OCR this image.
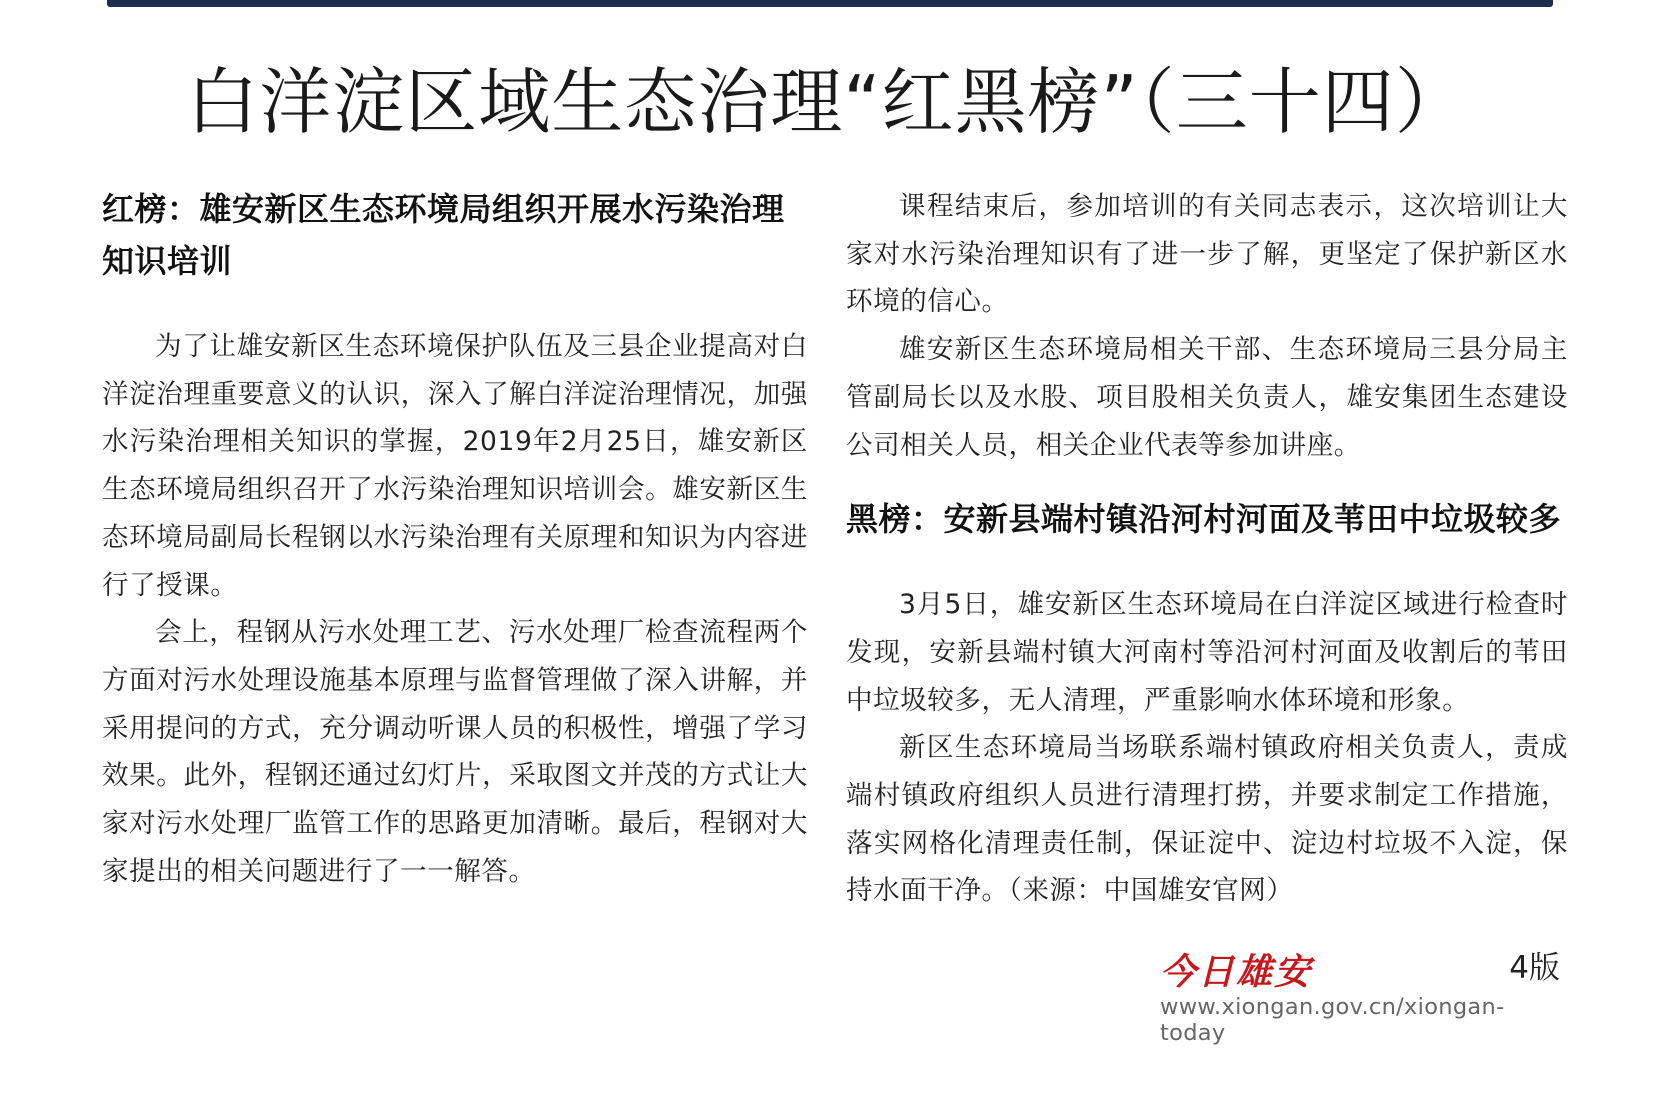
白洋淀区域生态治理“红黑榜”（三十四）
红榜：雄安新区生态环境局组织开展水污染治理知识培训

为了让雄安新区生态环境保护队伍及三县企业提高对白洋淀治理重要意义的认识，深入了解白洋淀治理情况，加强水污染治理相关知识的掌握，2019年2月25日，雄安新区生态环境局组织召开了水污染治理知识培训会。雄安新区生态环境局副局长程钢以水污染治理有关原理和知识为内容进行了授课。

会上，程钢从污水处理工艺、污水处理厂检查流程两个方面对污水处理设施基本原理与监督管理做了深入讲解，并采用提问的方式，充分调动听课人员的积极性，增强了学习效果。此外，程钢还通过幻灯片，采取图文并茂的方式让大家对污水处理厂监管工作的思路更加清晰。最后，程钢对大家提出的相关问题进行了一一解答。

课程结束后，参加培训的有关同志表示，这次培训让大家对水污染治理知识有了进一步了解，更坚定了保护新区水环境的信心。

雄安新区生态环境局相关干部、生态环境局三县分局主管副局长以及水股、项目股相关负责人，雄安集团生态建设公司相关人员，相关企业代表等参加讲座。

黑榜：安新县端村镇沿河村河面及苇田中垃圾较多

3月5日，雄安新区生态环境局在白洋淀区域进行检查时发现，安新县端村镇大河南村等沿河村河面及收割后的苇田中垃圾较多，无人清理，严重影响水体环境和形象。

新区生态环境局当场联系端村镇政府相关负责人，责成端村镇政府组织人员进行清理打捞，并要求制定工作措施，落实网格化清理责任制，保证淀中、淀边村垃圾不入淀，保持水面干净。（来源：中国雄安官网）

今日雄安	4版
www.xiongan.gov.cn/xiongan-today
